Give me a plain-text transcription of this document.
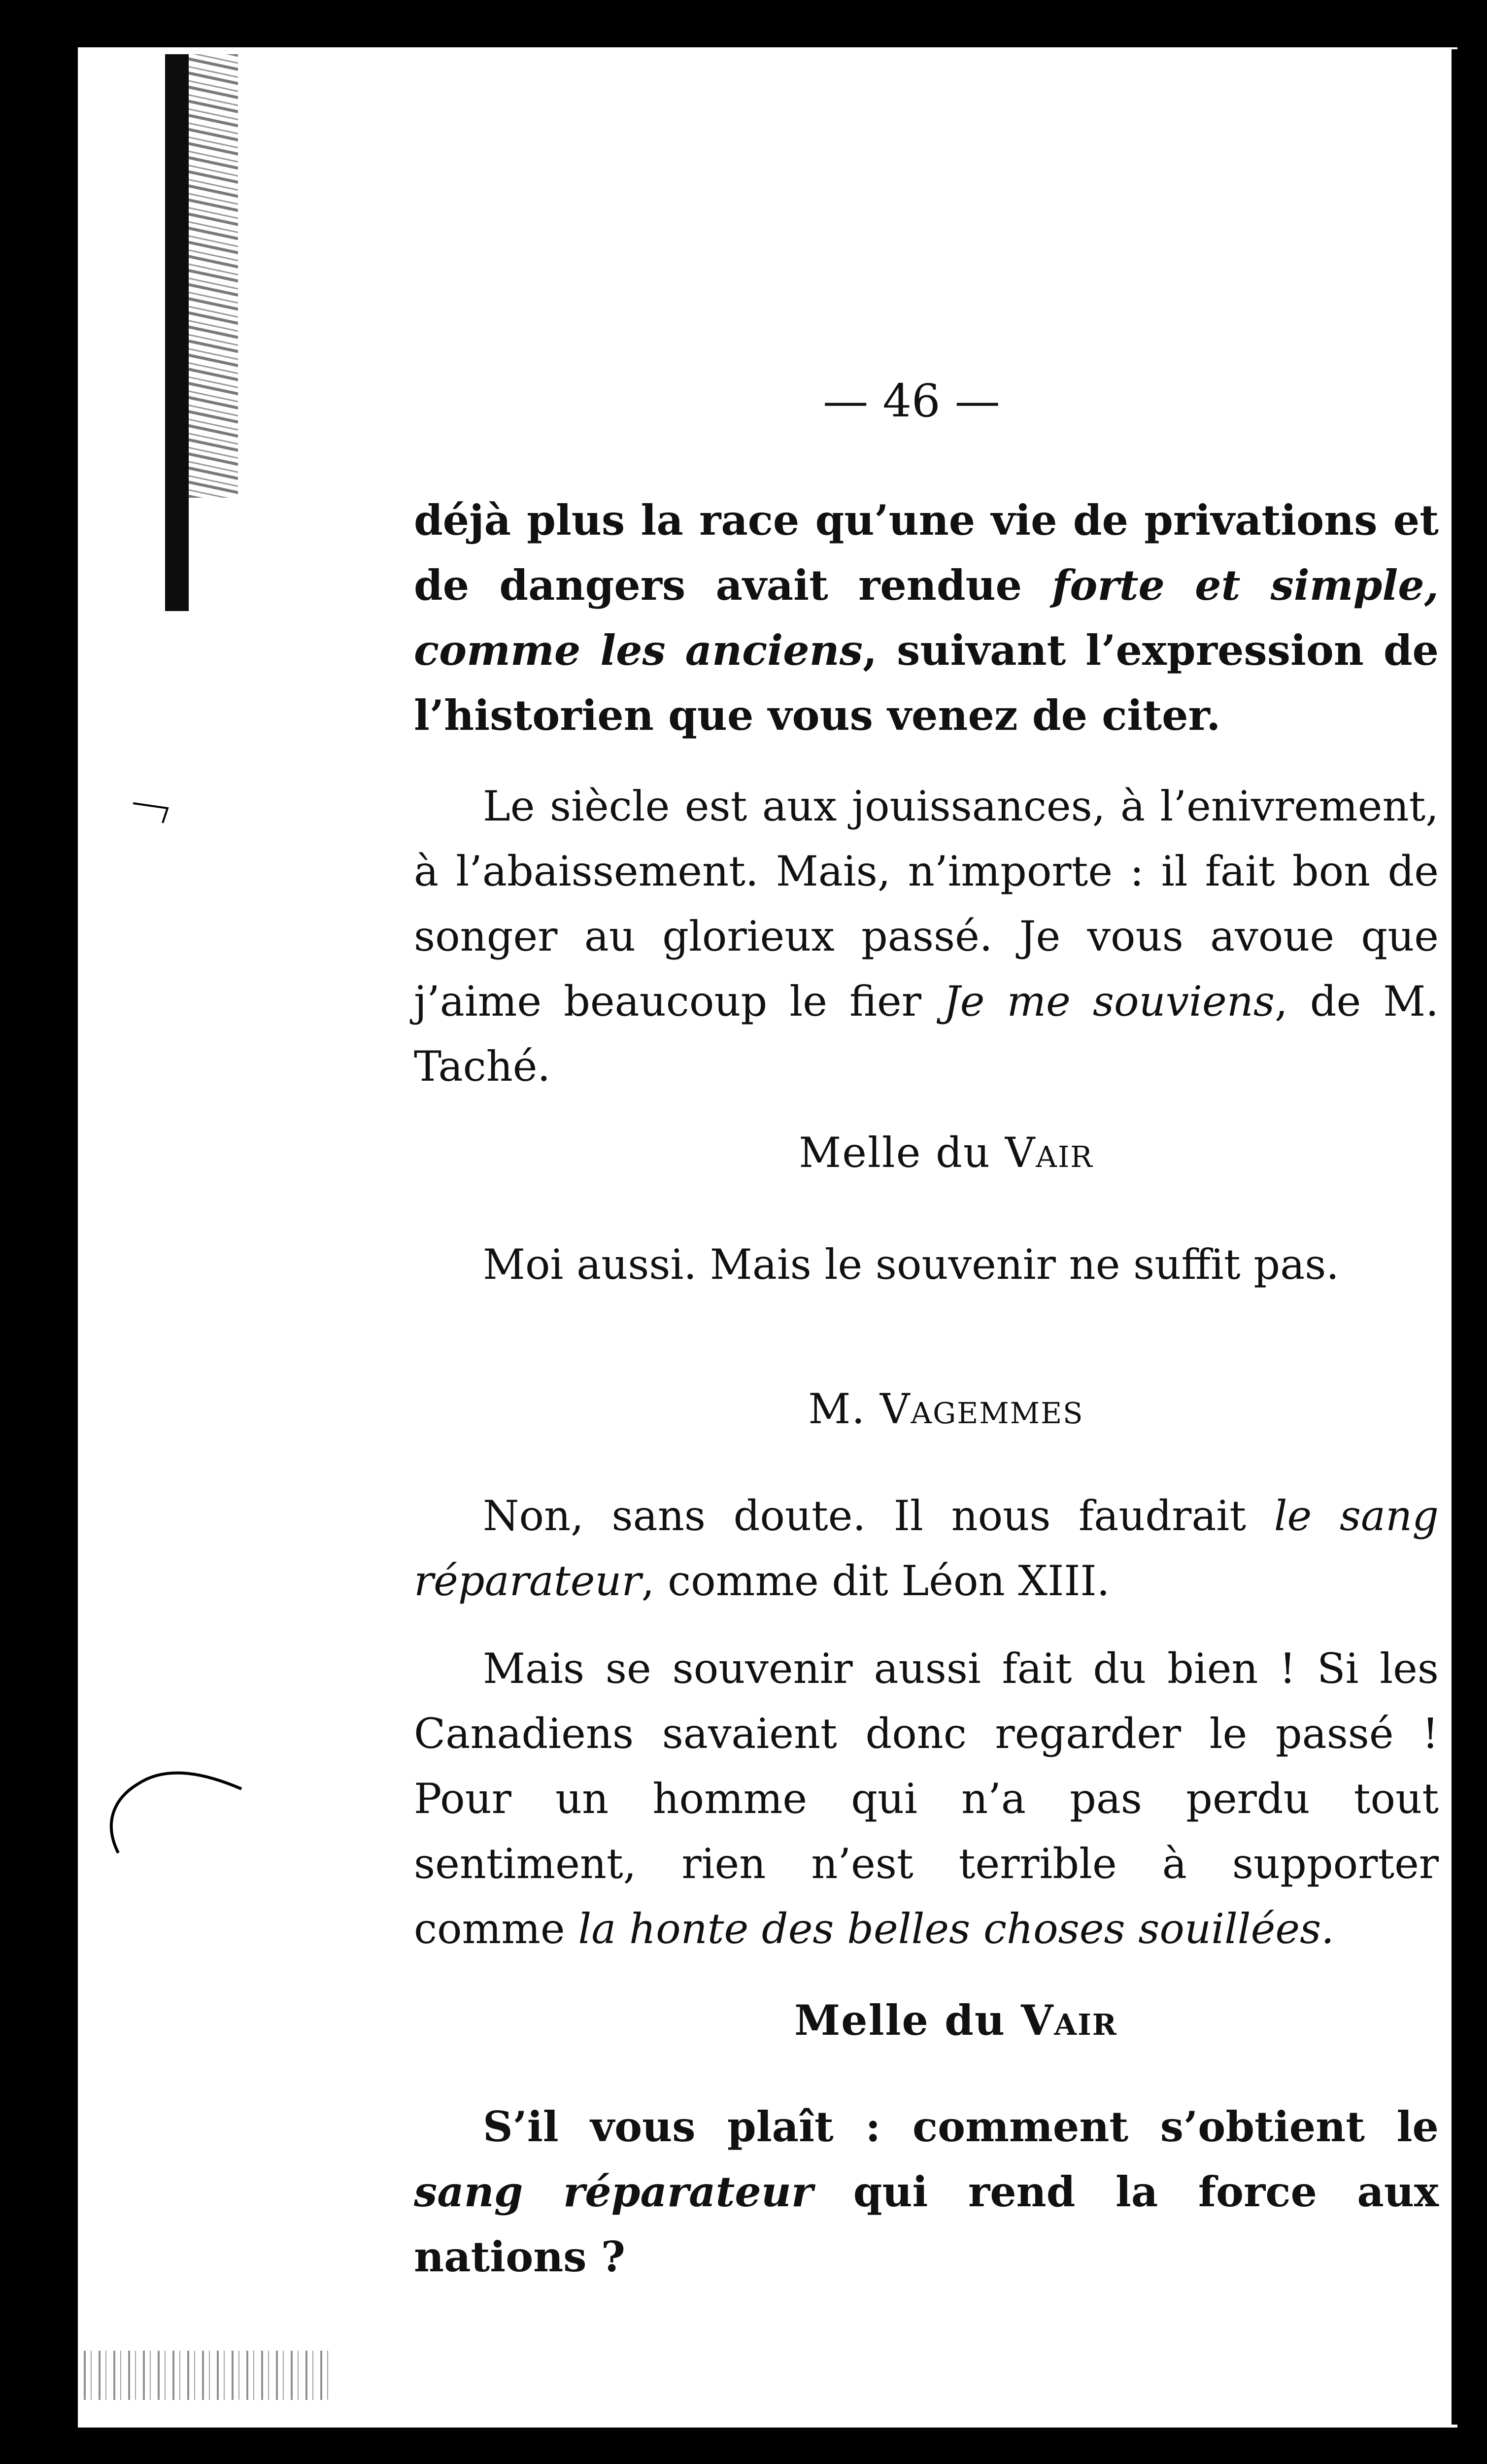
— 46 —

déjà plus la race qu’une vie de privations et de dangers avait rendue forte et simple, comme les anciens, suivant l’expression de l’historien que vous venez de citer.

Le siècle est aux jouissances, à l’enivrement, à l’abaissement. Mais, n’importe : il fait bon de songer au glorieux passé. Je vous avoue que j’aime beaucoup le fier Je me souviens, de M. Taché.

Melle du Vair

Moi aussi. Mais le souvenir ne suffit pas.

M. Vagemmes

Non, sans doute. Il nous faudrait le sang réparateur, comme dit Léon XIII.

Mais se souvenir aussi fait du bien ! Si les Canadiens savaient donc regarder le passé ! Pour un homme qui n’a pas perdu tout sentiment, rien n’est terrible à supporter comme la honte des belles choses souillées.

Melle du Vair

S’il vous plaît : comment s’obtient le sang réparateur qui rend la force aux nations ?
